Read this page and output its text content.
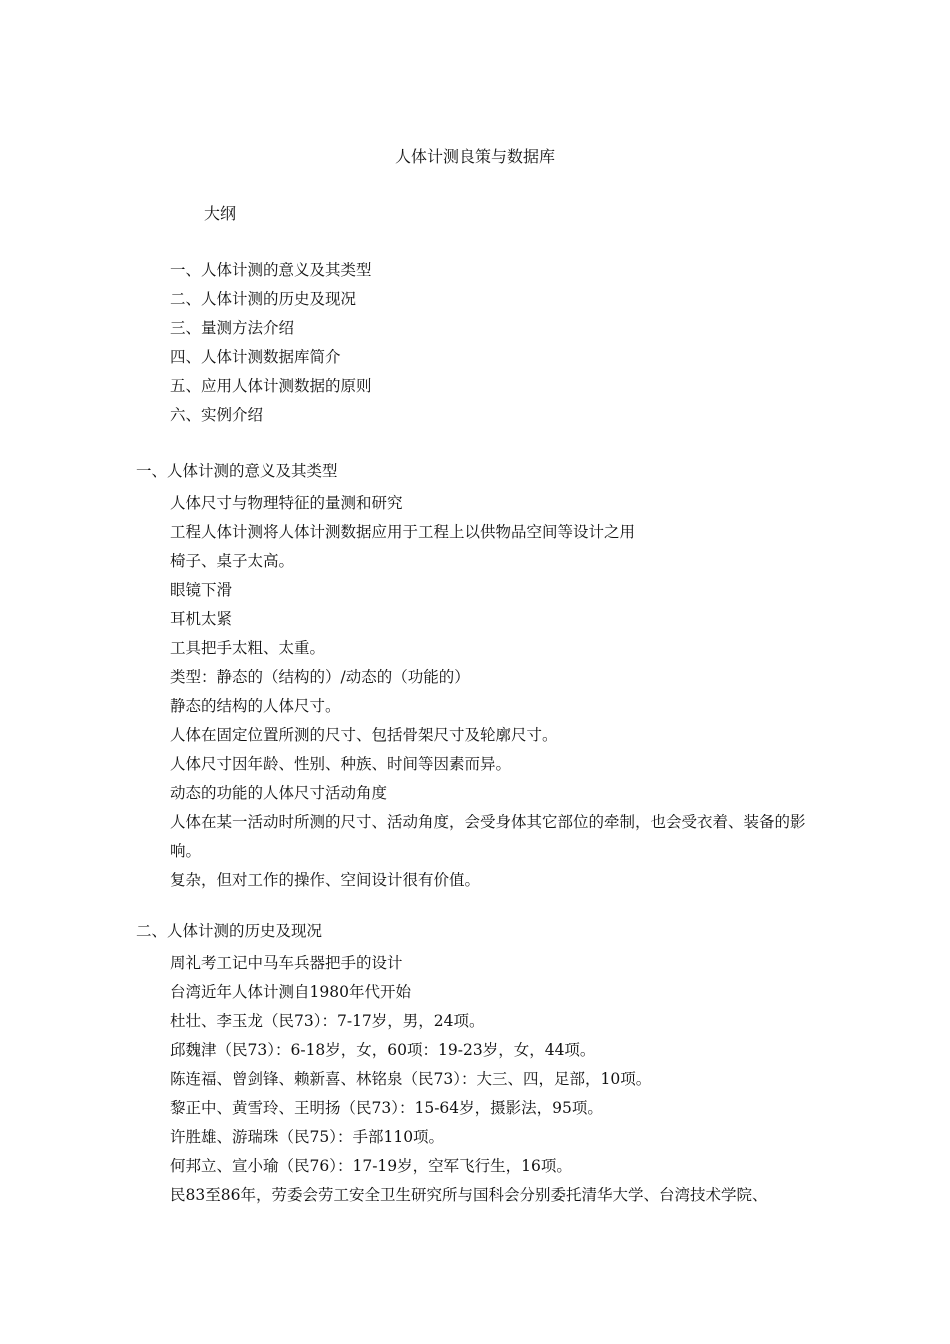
人体计测良策与数据库
大纲
一、人体计测的意义及其类型
二、人体计测的历史及现况
三、量测方法介绍
四、人体计测数据库简介
五、应用人体计测数据的原则
六、实例介绍
一、人体计测的意义及其类型
人体尺寸与物理特征的量测和研究
工程人体计测将人体计测数据应用于工程上以供物品空间等设计之用
椅子、桌子太高。
眼镜下滑
耳机太紧
工具把手太粗、太重。
类型：静态的（结构的）/动态的（功能的）
静态的结构的人体尺寸。
人体在固定位置所测的尺寸、包括骨架尺寸及轮廓尺寸。
人体尺寸因年龄、性别、种族、时间等因素而异。
动态的功能的人体尺寸活动角度
人体在某一活动时所测的尺寸、活动角度，会受身体其它部位的牵制，也会受衣着、装备的影响。
复杂，但对工作的操作、空间设计很有价值。
二、人体计测的历史及现况
周礼考工记中马车兵器把手的设计
台湾近年人体计测自1980年代开始
杜壮、李玉龙（民73）：7-17岁，男，24项。
邱魏津（民73）：6-18岁，女，60项：19-23岁，女，44项。
陈连福、曾剑锋、赖新喜、林铭泉（民73）：大三、四，足部，10项。
黎正中、黄雪玲、王明扬（民73）：15-64岁，摄影法，95项。
许胜雄、游瑞珠（民75）：手部110项。
何邦立、宣小瑜（民76）：17-19岁，空军飞行生，16项。
民83至86年，劳委会劳工安全卫生研究所与国科会分别委托清华大学、台湾技术学院、
